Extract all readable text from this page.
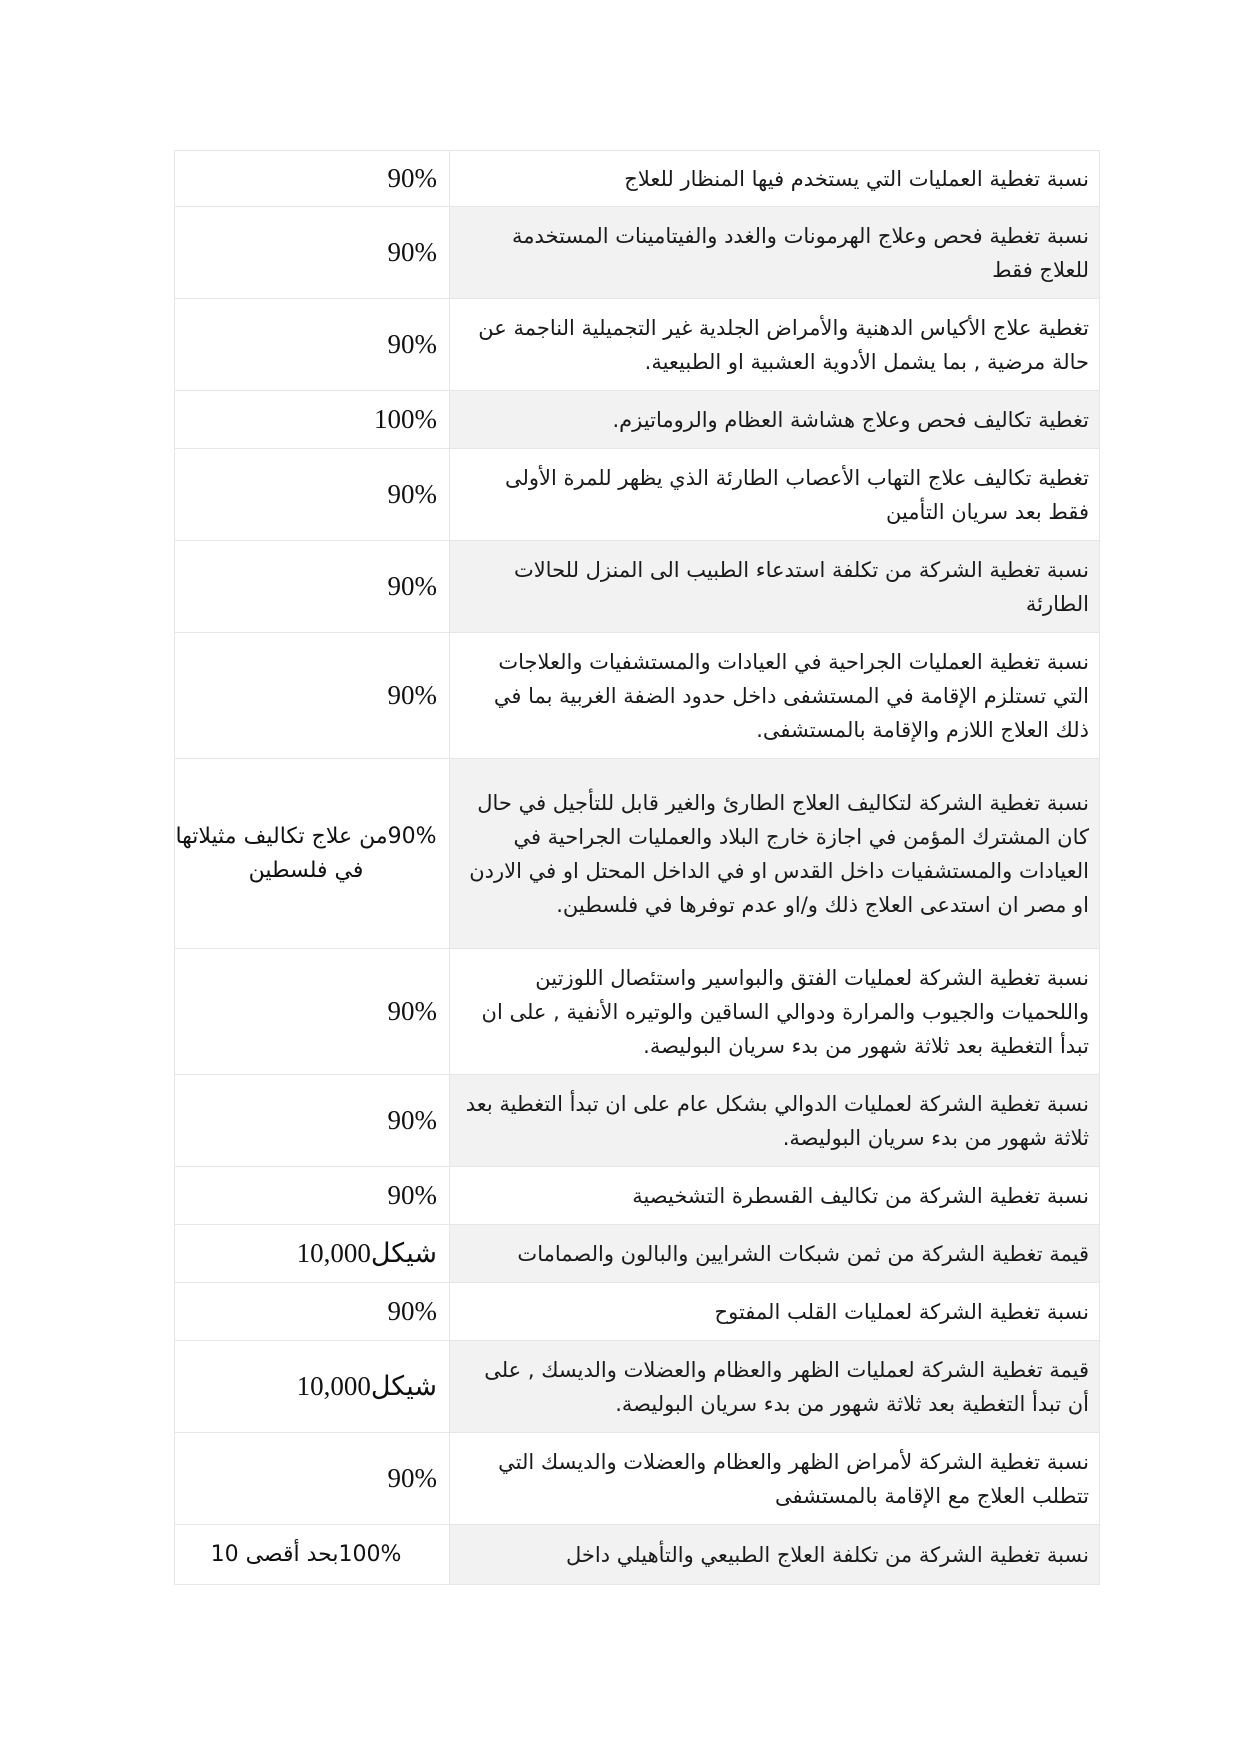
90%	نسبة تغطية العمليات التي يستخدم فيها المنظار للعلاج
90%	نسبة تغطية فحص وعلاج الهرمونات والغدد والفيتامينات المستخدمة للعلاج فقط
90%	تغطية علاج الأكياس الدهنية والأمراض الجلدية غير التجميلية الناجمة عن حالة مرضية , بما يشمل الأدوية العشبية او الطبيعية.
100%	تغطية تكاليف فحص وعلاج هشاشة العظام والروماتيزم.
90%	تغطية تكاليف علاج التهاب الأعصاب الطارئة الذي يظهر للمرة الأولى فقط بعد سريان التأمين
90%	نسبة تغطية الشركة من تكلفة استدعاء الطبيب الى المنزل للحالات الطارئة
90%	نسبة تغطية العمليات الجراحية في العيادات والمستشفيات والعلاجات التي تستلزم الإقامة في المستشفى داخل حدود الضفة الغربية بما في ذلك العلاج اللازم والإقامة بالمستشفى.
90%من علاج تكاليف مثيلاتها في فلسطين	نسبة تغطية الشركة لتكاليف العلاج الطارئ والغير قابل للتأجيل في حال كان المشترك المؤمن في اجازة خارج البلاد والعمليات الجراحية في العيادات والمستشفيات داخل القدس او في الداخل المحتل او في الاردن او مصر ان استدعى العلاج ذلك و/او عدم توفرها في فلسطين.
90%	نسبة تغطية الشركة لعمليات الفتق والبواسير واستئصال اللوزتين واللحميات والجيوب والمرارة ودوالي الساقين والوتيره الأنفية , على ان تبدأ التغطية بعد ثلاثة شهور من بدء سريان البوليصة.
90%	نسبة تغطية الشركة لعمليات الدوالي بشكل عام على ان تبدأ التغطية بعد ثلاثة شهور من بدء سريان البوليصة.
90%	نسبة تغطية الشركة من تكاليف القسطرة التشخيصية
10,000شيكل	قيمة تغطية الشركة من ثمن شبكات الشرايين والبالون والصمامات
90%	نسبة تغطية الشركة لعمليات القلب المفتوح
10,000شيكل	قيمة تغطية الشركة لعمليات الظهر والعظام والعضلات والديسك , على أن تبدأ التغطية بعد ثلاثة شهور من بدء سريان البوليصة.
90%	نسبة تغطية الشركة لأمراض الظهر والعظام والعضلات والديسك التي تتطلب العلاج مع الإقامة بالمستشفى
100%بحد أقصى 10	نسبة تغطية الشركة من تكلفة العلاج الطبيعي والتأهيلي داخل
